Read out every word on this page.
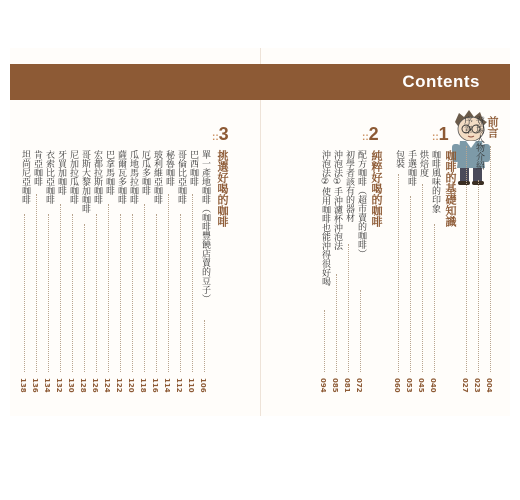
Contents
前言
登場人物介紹
序章
004
023
027
::1
咖啡的基礎知識
咖啡風味的印象
烘焙度
手選咖啡
包裝
040
045
053
060
::2
純粹好喝的咖啡
配方咖啡（超市賣的咖啡）
初學者該有的器材
沖泡法①手沖濾杯沖泡法
沖泡法②使用咖啡也能沖得很好喝
072
081
085
094
::3
挑選好喝的咖啡
單一產地咖啡（咖啡豐饒店賣的豆子）
巴西咖啡
哥倫比亞咖啡
秘魯咖啡
玻利維亞咖啡
厄瓜多咖啡
瓜地馬拉咖啡
薩爾瓦多咖啡
巴拿馬咖啡
宏都拉斯咖啡
哥斯大黎加咖啡
尼加拉瓜咖啡
牙買加咖啡
衣索比亞咖啡
肯亞咖啡
坦尚尼亞咖啡
106
110
112
114
116
118
120
122
124
126
128
130
132
134
136
138
